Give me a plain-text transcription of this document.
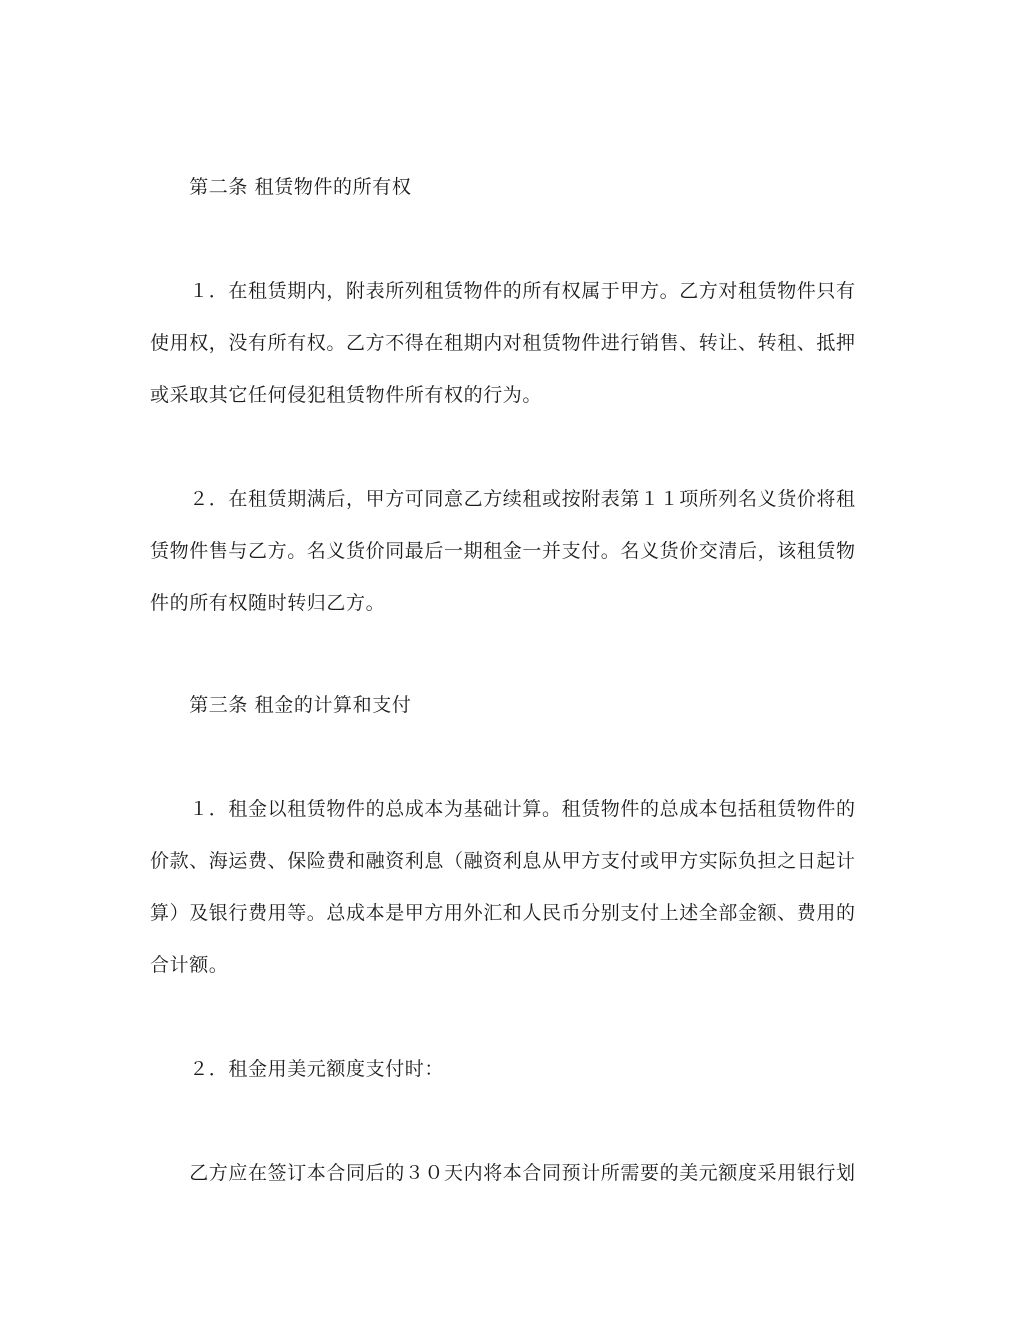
　　第二条 租赁物件的所有权
　　１．在租赁期内，附表所列租赁物件的所有权属于甲方。乙方对租赁物件只有
使用权，没有所有权。乙方不得在租期内对租赁物件进行销售、转让、转租、抵押
或采取其它任何侵犯租赁物件所有权的行为。
　　２．在租赁期满后，甲方可同意乙方续租或按附表第１１项所列名义货价将租
赁物件售与乙方。名义货价同最后一期租金一并支付。名义货价交清后，该租赁物
件的所有权随时转归乙方。
　　第三条 租金的计算和支付
　　１．租金以租赁物件的总成本为基础计算。租赁物件的总成本包括租赁物件的
价款、海运费、保险费和融资利息（融资利息从甲方支付或甲方实际负担之日起计
算）及银行费用等。总成本是甲方用外汇和人民币分别支付上述全部金额、费用的
合计额。
　　２．租金用美元额度支付时：
　　乙方应在签订本合同后的３０天内将本合同预计所需要的美元额度采用银行划
